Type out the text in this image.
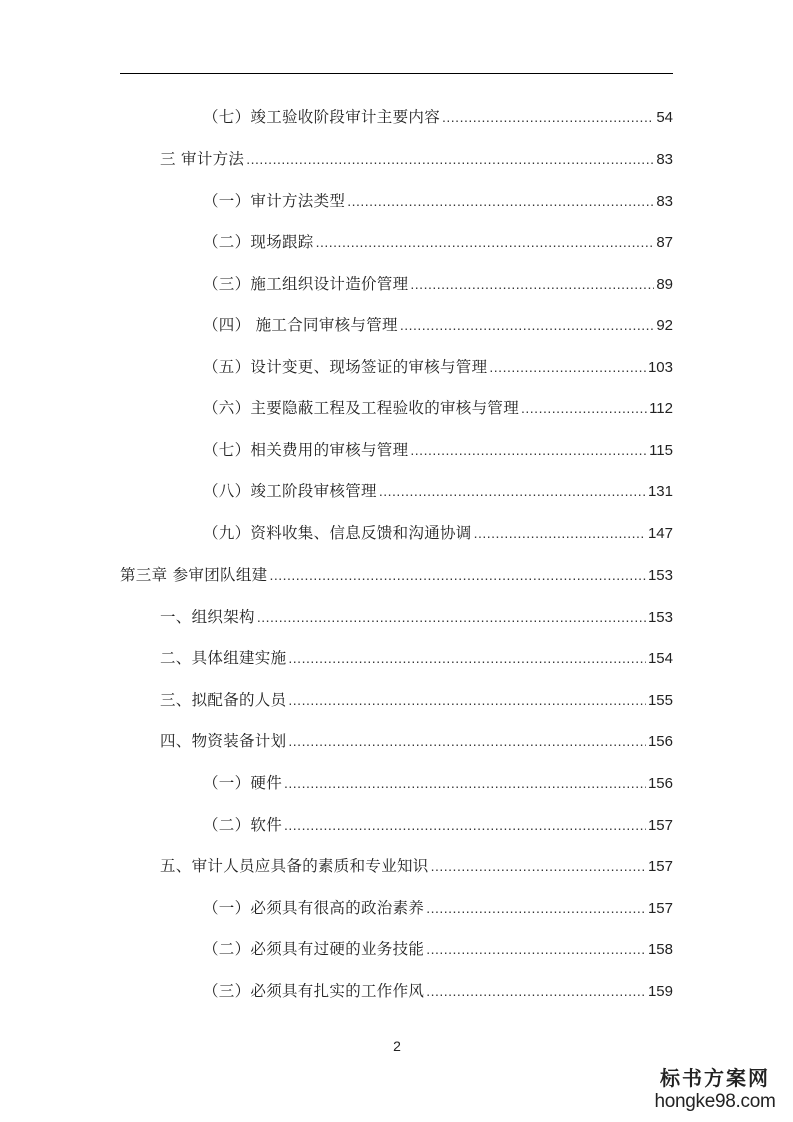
（七）竣工验收阶段审计主要内容 .....	54
三 审计方法 .....	83
（一）审计方法类型 .....	83
（二）现场跟踪 .....	87
（三）施工组织设计造价管理 .....	89
（四） 施工合同审核与管理 .....	92
（五）设计变更、现场签证的审核与管理 .....	103
（六）主要隐蔽工程及工程验收的审核与管理 .....	112
（七）相关费用的审核与管理 .....	115
（八）竣工阶段审核管理 .....	131
（九）资料收集、信息反馈和沟通协调 .....	147
第三章 参审团队组建 .....	153
一、组织架构 .....	153
二、具体组建实施 .....	154
三、拟配备的人员 .....	155
四、物资装备计划 .....	156
（一）硬件 .....	156
（二）软件 .....	157
五、审计人员应具备的素质和专业知识 .....	157
（一）必须具有很高的政治素养 .....	157
（二）必须具有过硬的业务技能 .....	158
（三）必须具有扎实的工作作风 .....	159
2
标书方案网
hongke98.com
